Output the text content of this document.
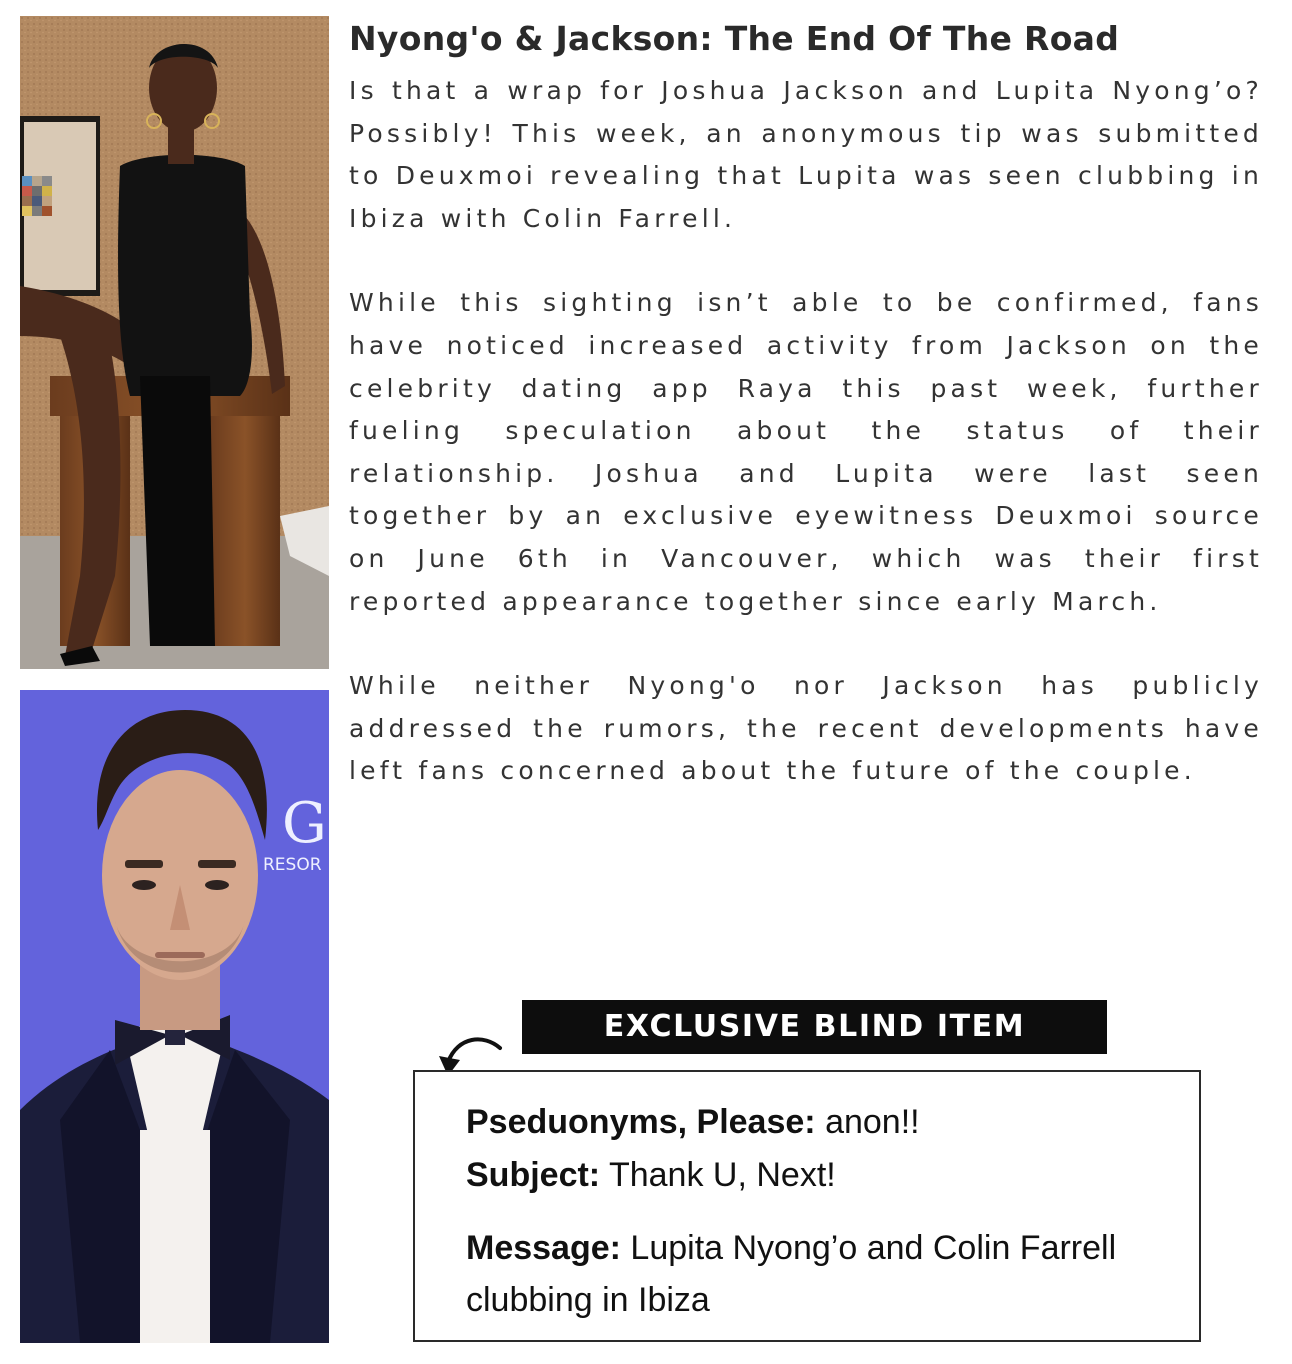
G
RESOR
Nyong'o & Jackson: The End Of The Road

Is that a wrap for Joshua Jackson and Lupita Nyong’o? Possibly! This week, an anonymous tip was submitted to Deuxmoi revealing that Lupita was seen clubbing in Ibiza with Colin Farrell.

While this sighting isn’t able to be confirmed, fans have noticed increased activity from Jackson on the celebrity dating app Raya this past week, further fueling speculation about the status of their relationship. Joshua and Lupita were last seen together by an exclusive eyewitness Deuxmoi source on June 6th in Vancouver, which was their first reported appearance together since early March.

While neither Nyong'o nor Jackson has publicly addressed the rumors, the recent developments have left fans concerned about the future of the couple.

EXCLUSIVE BLIND ITEM
Pseduonyms, Please: anon!!
Subject: Thank U, Next!
Message: Lupita Nyong’o and Colin Farrell clubbing in Ibiza
